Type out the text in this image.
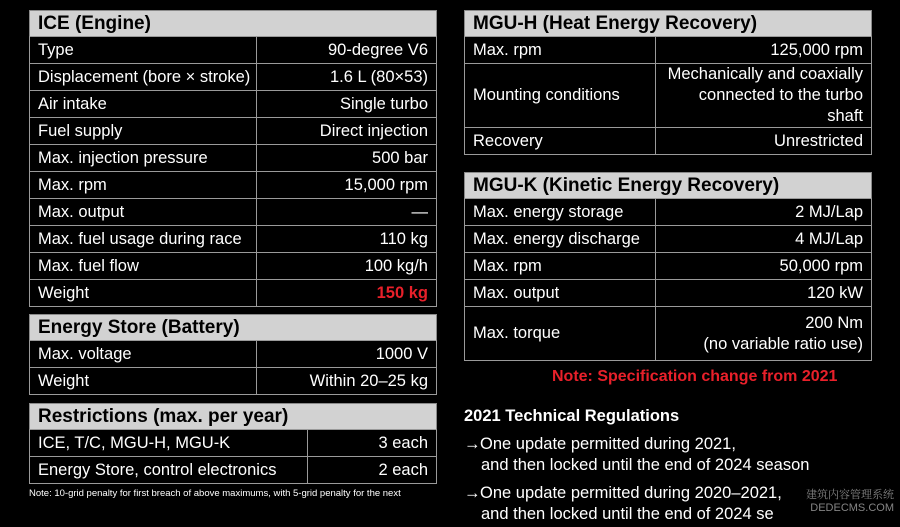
ICE (Engine)
Type	90-degree V6
Displacement (bore × stroke)	1.6 L (80×53)
Air intake	Single turbo
Fuel supply	Direct injection
Max. injection pressure	500 bar
Max. rpm	15,000 rpm
Max. output	—
Max. fuel usage during race	110 kg
Max. fuel flow	100 kg/h
Weight	150 kg
Energy Store (Battery)
Max. voltage	1000 V
Weight	Within 20–25 kg
Restrictions (max. per year)
ICE, T/C, MGU-H, MGU-K	3 each
Energy Store, control electronics	2 each
Note: 10-grid penalty for first breach of above maximums, with 5-grid penalty for the next
MGU-H (Heat Energy Recovery)
Max. rpm	125,000 rpm
Mounting conditions	Mechanically and coaxially
connected to the turbo shaft
Recovery	Unrestricted
MGU-K (Kinetic Energy Recovery)
Max. energy storage	2 MJ/Lap
Max. energy discharge	4 MJ/Lap
Max. rpm	50,000 rpm
Max. output	120 kW
Max. torque	200 Nm
(no variable ratio use)
Note: Specification change from 2021
2021 Technical Regulations
→One update permitted during 2021,
and then locked until the end of 2024 season
→One update permitted during 2020–2021,
and then locked until the end of 2024 se
建筑内容管理系统
DEDECMS.COM
